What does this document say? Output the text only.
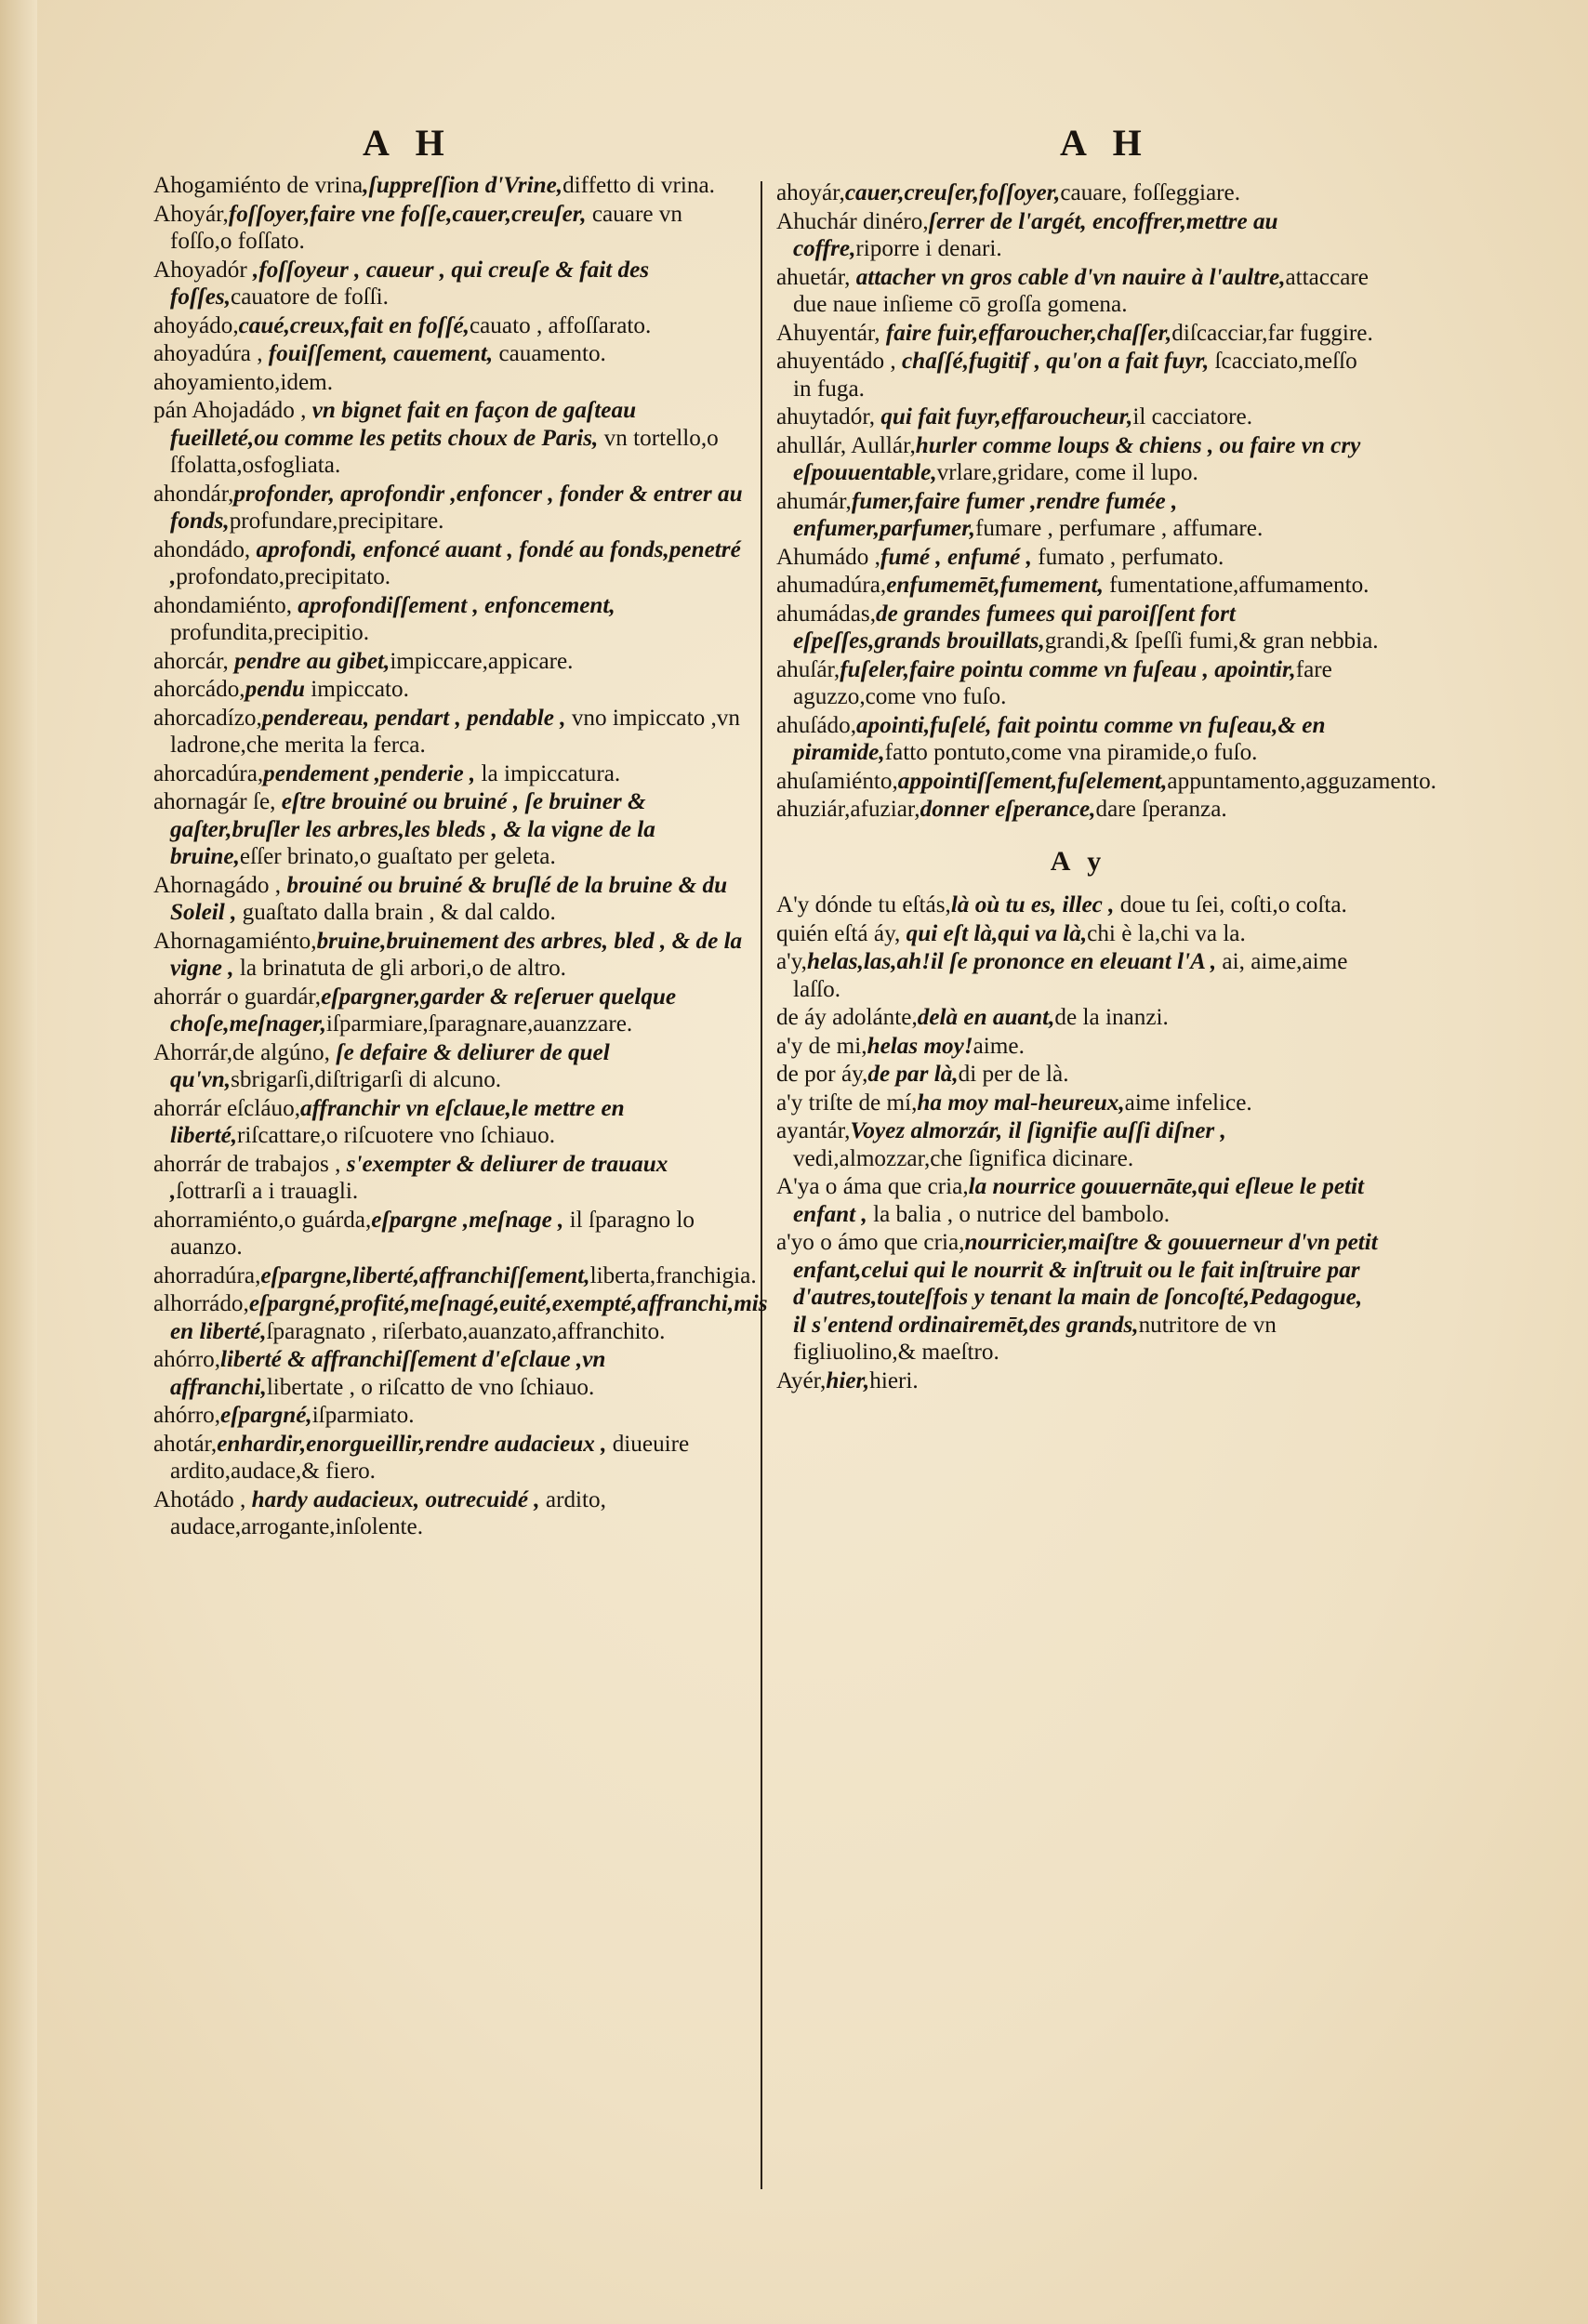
A H	A H
Ahogamiénto de vrina,ſuppreſſion d'Vrine,diffetto di vrina.
Ahoyár,foſſoyer,faire vne foſſe,cauer,creuſer, cauare vn foſſo,o foſſato.
Ahoyadór ,foſſoyeur , caueur , qui creuſe & fait des foſſes,cauatore de foſſi.
ahoyádo,caué,creux,fait en foſſé,cauato , affoſſarato.
ahoyadúra , fouiſſement, cauement, cauamento.
ahoyamiento,idem.
pán Ahojadádo , vn bignet fait en façon de gaſteau fueilleté,ou comme les petits choux de Paris, vn tortello,o ſfolatta,osfogliata.
ahondár,profonder, aprofondir ,enfoncer , fonder & entrer au fonds,profundare,precipitare.
ahondádo, aprofondi, enfoncé auant , fondé au fonds,penetré ,profondato,precipitato.
ahondamiénto, aprofondiſſement , enfoncement, profundita,precipitio.
ahorcár, pendre au gibet,impiccare,appicare.
ahorcádo,pendu impiccato.
ahorcadízo,pendereau, pendart , pendable , vno impiccato ,vn ladrone,che merita la ferca.
ahorcadúra,pendement ,penderie , la impiccatura.
ahornagár ſe, eſtre brouiné ou bruiné , ſe bruiner & gaſter,bruſler les arbres,les bleds , & la vigne de la bruine,eſſer brinato,o guaſtato per geleta.
Ahornagádo , brouiné ou bruiné & bruſlé de la bruine & du Soleil , guaſtato dalla brain , & dal caldo.
Ahornagamiénto,bruine,bruinement des arbres, bled , & de la vigne , la brinatuta de gli arbori,o de altro.
ahorrár o guardár,eſpargner,garder & reſeruer quelque choſe,meſnager,iſparmiare,ſparagnare,auanzzare.
Ahorrár,de algúno, ſe defaire & deliurer de quel qu'vn,sbrigarſi,diſtrigarſi di alcuno.
ahorrár eſcláuo,affranchir vn eſclaue,le mettre en liberté,riſcattare,o riſcuotere vno ſchiauo.
ahorrár de trabajos , s'exempter & deliurer de trauaux ,ſottrarſi a i trauagli.
ahorramiénto,o guárda,eſpargne ,meſnage , il ſparagno lo auanzo.
ahorradúra,eſpargne,liberté,affranchiſſement,liberta,franchigia.
alhorrádo,eſpargné,profité,meſnagé,euité,exempté,affranchi,mis en liberté,ſparagnato , riſerbato,auanzato,affranchito.
ahórro,liberté & affranchiſſement d'eſclaue ,vn affranchi,libertate , o riſcatto de vno ſchiauo.
ahórro,eſpargné,iſparmiato.
ahotár,enhardir,enorgueillir,rendre audacieux , diueuire ardito,audace,& fiero.
Ahotádo , hardy audacieux, outrecuidé , ardito, audace,arrogante,inſolente.
ahoyár,cauer,creuſer,foſſoyer,cauare, foſſeggiare.
Ahuchár dinéro,ſerrer de l'argét, encoffrer,mettre au coffre,riporre i denari.
ahuetár, attacher vn gros cable d'vn nauire à l'aultre,attaccare due naue inſieme cō groſſa gomena.
Ahuyentár, faire fuir,effaroucher,chaſſer,diſcacciar,far fuggire.
ahuyentádo , chaſſé,fugitif , qu'on a fait fuyr, ſcacciato,meſſo in fuga.
ahuytadór, qui fait fuyr,effaroucheur,il cacciatore.
ahullár, Aullár,hurler comme loups & chiens , ou faire vn cry eſpouuentable,vrlare,gridare, come il lupo.
ahumár,fumer,faire fumer ,rendre fumée , enfumer,parfumer,fumare , perfumare , affumare.
Ahumádo ,fumé , enfumé , fumato , perfumato.
ahumadúra,enfumemēt,fumement, fumentatione,affumamento.
ahumádas,de grandes fumees qui paroiſſent fort eſpeſſes,grands brouillats,grandi,& ſpeſſi fumi,& gran nebbia.
ahuſár,fuſeler,faire pointu comme vn fuſeau , apointir,fare aguzzo,come vno fuſo.
ahuſádo,apointi,fuſelé, fait pointu comme vn fuſeau,& en piramide,fatto pontuto,come vna piramide,o fuſo.
ahuſamiénto,appointiſſement,fuſelement,appuntamento,agguzamento.
ahuziár,afuziar,donner eſperance,dare ſperanza.
A y
A'y dónde tu eſtás,là où tu es, illec , doue tu ſei, coſti,o coſta.
quién eſtá áy, qui eſt là,qui va là,chi è la,chi va la.
a'y,helas,las,ah!il ſe prononce en eleuant l'A , ai, aime,aime laſſo.
de áy adolánte,delà en auant,de la inanzi.
a'y de mi,helas moy!aime.
de por áy,de par là,di per de là.
a'y triſte de mí,ha moy mal-heureux,aime infelice.
ayantár,Voyez almorzár, il ſignifie auſſi diſner , vedi,almozzar,che ſignifica dicinare.
A'ya o áma que cria,la nourrice gouuernāte,qui eſleue le petit enfant , la balia , o nutrice del bambolo.
a'yo o ámo que cria,nourricier,maiſtre & gouuerneur d'vn petit enfant,celui qui le nourrit & inſtruit ou le fait inſtruire par d'autres,touteſfois y tenant la main de ſoncoſté,Pedagogue, il s'entend ordinairemēt,des grands,nutritore de vn figliuolino,& maeſtro.
Ayér,hier,hieri.
